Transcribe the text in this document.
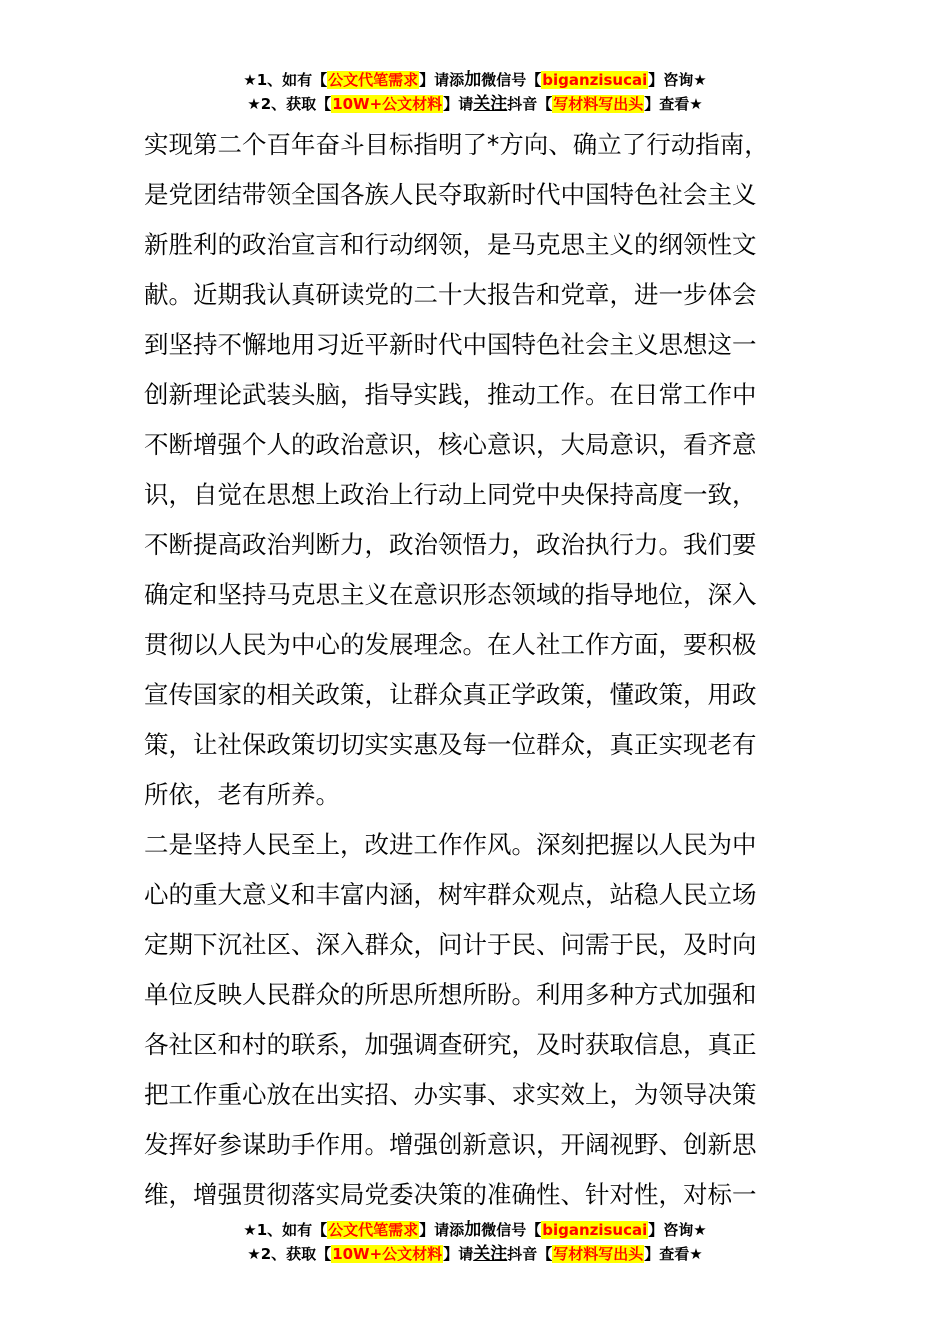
★1、如有【公文代笔需求】请添加微信号【biganzisucai】咨询★
★2、获取【10W+公文材料】请关注抖音【写材料写出头】查看★
实现第二个百年奋斗目标指明了*方向、确立了行动指南，
是党团结带领全国各族人民夺取新时代中国特色社会主义
新胜利的政治宣言和行动纲领，是马克思主义的纲领性文
献。近期我认真研读党的二十大报告和党章，进一步体会
到坚持不懈地用习近平新时代中国特色社会主义思想这一
创新理论武装头脑，指导实践，推动工作。在日常工作中
不断增强个人的政治意识，核心意识，大局意识，看齐意
识，自觉在思想上政治上行动上同党中央保持高度一致，
不断提高政治判断力，政治领悟力，政治执行力。我们要
确定和坚持马克思主义在意识形态领域的指导地位，深入
贯彻以人民为中心的发展理念。在人社工作方面，要积极
宣传国家的相关政策，让群众真正学政策，懂政策，用政
策，让社保政策切切实实惠及每一位群众，真正实现老有
所依，老有所养。
二是坚持人民至上，改进工作作风。深刻把握以人民为中
心的重大意义和丰富内涵，树牢群众观点，站稳人民立场
定期下沉社区、深入群众，问计于民、问需于民，及时向
单位反映人民群众的所思所想所盼。利用多种方式加强和
各社区和村的联系，加强调查研究，及时获取信息，真正
把工作重心放在出实招、办实事、求实效上，为领导决策
发挥好参谋助手作用。增强创新意识，开阔视野、创新思
维，增强贯彻落实局党委决策的准确性、针对性，对标一
★1、如有【公文代笔需求】请添加微信号【biganzisucai】咨询★
★2、获取【10W+公文材料】请关注抖音【写材料写出头】查看★
